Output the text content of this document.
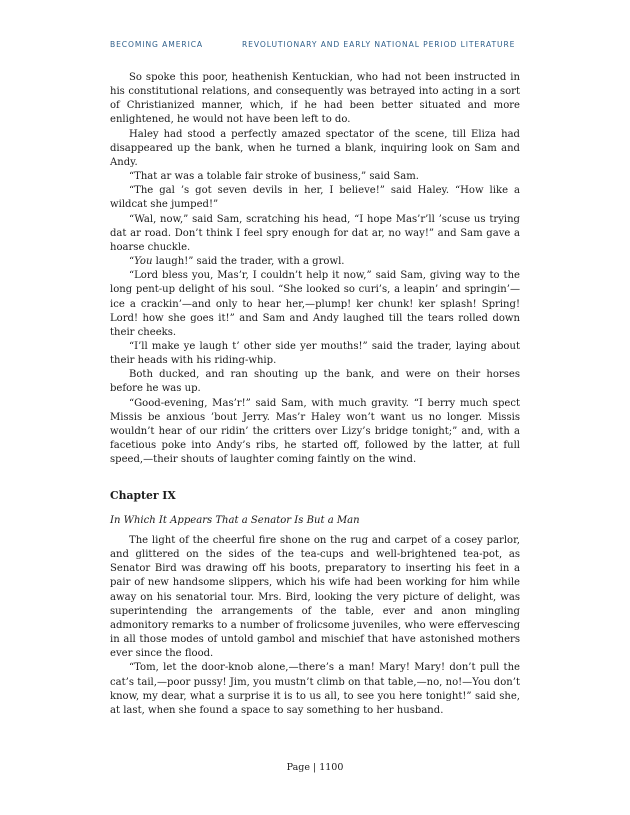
BECOMING AMERICA	REVOLUTIONARY AND EARLY NATIONAL PERIOD LITERATURE

So spoke this poor, heathenish Kentuckian, who had not been instructed in his constitutional relations, and consequently was betrayed into acting in a sort of Christianized manner, which, if he had been better situated and more enlightened, he would not have been left to do.

Haley had stood a perfectly amazed spectator of the scene, till Eliza had disappeared up the bank, when he turned a blank, inquiring look on Sam and Andy.

“That ar was a tolable fair stroke of business,” said Sam.

“The gal ’s got seven devils in her, I believe!” said Haley. “How like a wildcat she jumped!”

“Wal, now,” said Sam, scratching his head, “I hope Mas’r’ll ’scuse us trying dat ar road. Don’t think I feel spry enough for dat ar, no way!” and Sam gave a hoarse chuckle.

“You laugh!” said the trader, with a growl.

“Lord bless you, Mas’r, I couldn’t help it now,” said Sam, giving way to the long pent-up delight of his soul. “She looked so curi’s, a leapin’ and springin’—ice a crackin’—and only to hear her,—plump! ker chunk! ker splash! Spring! Lord! how she goes it!” and Sam and Andy laughed till the tears rolled down their cheeks.

“I’ll make ye laugh t’ other side yer mouths!” said the trader, laying about their heads with his riding-whip.

Both ducked, and ran shouting up the bank, and were on their horses before he was up.

“Good-evening, Mas’r!” said Sam, with much gravity. “I berry much spect Missis be anxious ’bout Jerry. Mas’r Haley won’t want us no longer. Missis wouldn’t hear of our ridin’ the critters over Lizy’s bridge tonight;” and, with a facetious poke into Andy’s ribs, he started off, followed by the latter, at full speed,—their shouts of laughter coming faintly on the wind.

Chapter IX
In Which It Appears That a Senator Is But a Man

The light of the cheerful fire shone on the rug and carpet of a cosey parlor, and glittered on the sides of the tea-cups and well-brightened tea-pot, as Senator Bird was drawing off his boots, preparatory to inserting his feet in a pair of new handsome slippers, which his wife had been working for him while away on his senatorial tour. Mrs. Bird, looking the very picture of delight, was superintending the arrangements of the table, ever and anon mingling admonitory remarks to a number of frolicsome juveniles, who were effervescing in all those modes of untold gambol and mischief that have astonished mothers ever since the flood.

“Tom, let the door-knob alone,—there’s a man! Mary! Mary! don’t pull the cat’s tail,—poor pussy! Jim, you mustn’t climb on that table,—no, no!—You don’t know, my dear, what a surprise it is to us all, to see you here tonight!” said she, at last, when she found a space to say something to her husband.

Page | 1100
